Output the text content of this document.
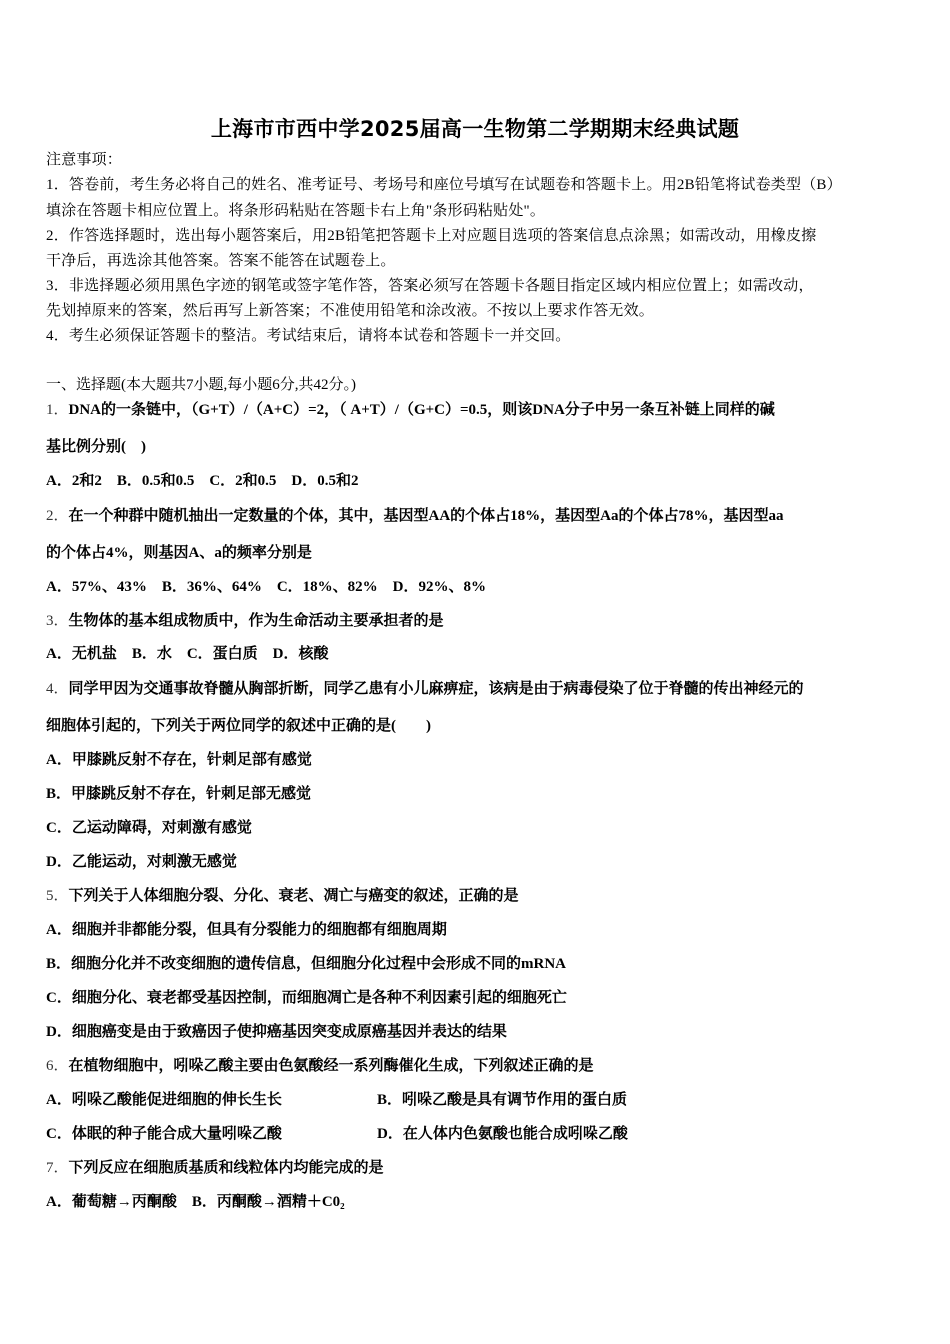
上海市市西中学2025届高一生物第二学期期末经典试题
注意事项：
1．答卷前，考生务必将自己的姓名、准考证号、考场号和座位号填写在试题卷和答题卡上。用2B铅笔将试卷类型（B）
填涂在答题卡相应位置上。将条形码粘贴在答题卡右上角"条形码粘贴处"。
2．作答选择题时，选出每小题答案后，用2B铅笔把答题卡上对应题目选项的答案信息点涂黑；如需改动，用橡皮擦
干净后，再选涂其他答案。答案不能答在试题卷上。
3．非选择题必须用黑色字迹的钢笔或签字笔作答，答案必须写在答题卡各题目指定区域内相应位置上；如需改动，
先划掉原来的答案，然后再写上新答案；不准使用铅笔和涂改液。不按以上要求作答无效。
4．考生必须保证答题卡的整洁。考试结束后，请将本试卷和答题卡一并交回。
一、选择题(本大题共7小题,每小题6分,共42分。)
1．DNA的一条链中，（G+T）/（A+C）=2，（ A+T）/（G+C）=0.5，则该DNA分子中另一条互补链上同样的碱
基比例分别(　)
A．2和2　B．0.5和0.5　C．2和0.5　D．0.5和2
2．在一个种群中随机抽出一定数量的个体，其中，基因型AA的个体占18%，基因型Aa的个体占78%，基因型aa
的个体占4%，则基因A、a的频率分别是
A．57%、43%　B．36%、64%　C．18%、82%　D．92%、8%
3．生物体的基本组成物质中，作为生命活动主要承担者的是
A．无机盐　B．水　C．蛋白质　D．核酸
4．同学甲因为交通事故脊髓从胸部折断，同学乙患有小儿麻痹症，该病是由于病毒侵染了位于脊髓的传出神经元的
细胞体引起的，下列关于两位同学的叙述中正确的是(　　)
A．甲膝跳反射不存在，针刺足部有感觉
B．甲膝跳反射不存在，针刺足部无感觉
C．乙运动障碍，对刺激有感觉
D．乙能运动，对刺激无感觉
5．下列关于人体细胞分裂、分化、衰老、凋亡与癌变的叙述，正确的是
A．细胞并非都能分裂，但具有分裂能力的细胞都有细胞周期
B．细胞分化并不改变细胞的遗传信息，但细胞分化过程中会形成不同的mRNA
C．细胞分化、衰老都受基因控制，而细胞凋亡是各种不利因素引起的细胞死亡
D．细胞癌变是由于致癌因子使抑癌基因突变成原癌基因并表达的结果
6．在植物细胞中，吲哚乙酸主要由色氨酸经一系列酶催化生成，下列叙述正确的是
A．吲哚乙酸能促进细胞的伸长生长	B．吲哚乙酸是具有调节作用的蛋白质
C．体眠的种子能合成大量吲哚乙酸	D．在人体内色氨酸也能合成吲哚乙酸
7．下列反应在细胞质基质和线粒体内均能完成的是
A．葡萄糖→丙酮酸　B．丙酮酸→酒精＋C0₂
